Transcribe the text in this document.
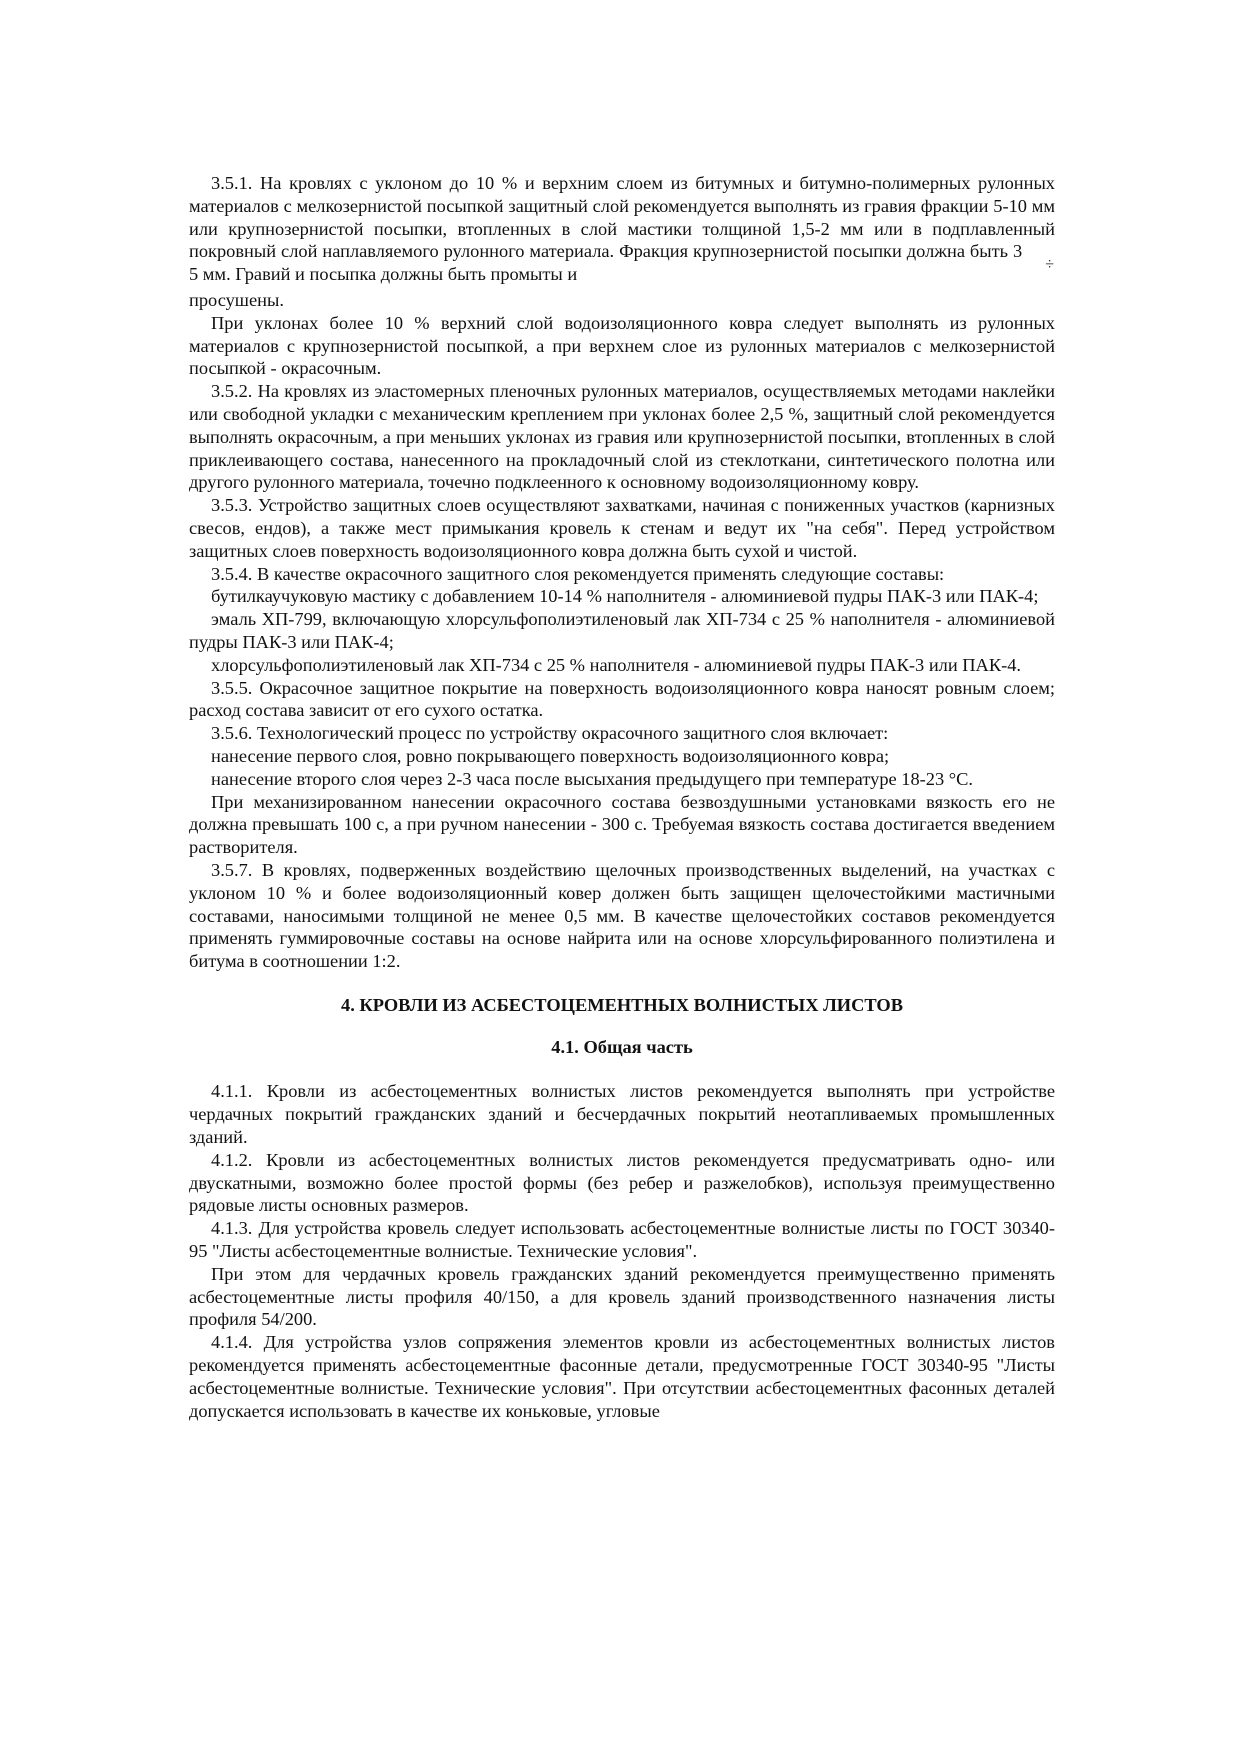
3.5.1. На кровлях с уклоном до 10 % и верхним слоем из битумных и битумно-полимерных рулонных материалов с мелкозернистой посыпкой защитный слой рекомендуется выполнять из гравия фракции 5-10 мм или крупнозернистой посыпки, втопленных в слой мастики толщиной 1,5-2 мм или в подплавленный покровный слой наплавляемого рулонного материала. Фракция крупнозернистой посыпки должна быть 3÷5 мм. Гравий и посыпка должны быть промыты и

просушены.

При уклонах более 10 % верхний слой водоизоляционного ковра следует выполнять из рулонных материалов с крупнозернистой посыпкой, а при верхнем слое из рулонных материалов с мелкозернистой посыпкой - окрасочным.

3.5.2. На кровлях из эластомерных пленочных рулонных материалов, осуществляемых методами наклейки или свободной укладки с механическим креплением при уклонах более 2,5 %, защитный слой рекомендуется выполнять окрасочным, а при меньших уклонах из гравия или крупнозернистой посыпки, втопленных в слой приклеивающего состава, нанесенного на прокладочный слой из стеклоткани, синтетического полотна или другого рулонного материала, точечно подклеенного к основному водоизоляционному ковру.

3.5.3. Устройство защитных слоев осуществляют захватками, начиная с пониженных участков (карнизных свесов, ендов), а также мест примыкания кровель к стенам и ведут их "на себя". Перед устройством защитных слоев поверхность водоизоляционного ковра должна быть сухой и чистой.

3.5.4. В качестве окрасочного защитного слоя рекомендуется применять следующие составы:

бутилкаучуковую мастику с добавлением 10-14 % наполнителя - алюминиевой пудры ПАК-3 или ПАК-4;

эмаль ХП-799, включающую хлорсульфополиэтиленовый лак ХП-734 с 25 % наполнителя - алюминиевой пудры ПАК-3 или ПАК-4;

хлорсульфополиэтиленовый лак ХП-734 с 25 % наполнителя - алюминиевой пудры ПАК-3 или ПАК-4.

3.5.5. Окрасочное защитное покрытие на поверхность водоизоляционного ковра наносят ровным слоем; расход состава зависит от его сухого остатка.

3.5.6. Технологический процесс по устройству окрасочного защитного слоя включает:

нанесение первого слоя, ровно покрывающего поверхность водоизоляционного ковра;

нанесение второго слоя через 2-3 часа после высыхания предыдущего при температуре 18-23 °С.

При механизированном нанесении окрасочного состава безвоздушными установками вязкость его не должна превышать 100 с, а при ручном нанесении - 300 с. Требуемая вязкость состава достигается введением растворителя.

3.5.7. В кровлях, подверженных воздействию щелочных производственных выделений, на участках с уклоном 10 % и более водоизоляционный ковер должен быть защищен щелочестойкими мастичными составами, наносимыми толщиной не менее 0,5 мм. В качестве щелочестойких составов рекомендуется применять гуммировочные составы на основе найрита или на основе хлорсульфированного полиэтилена и битума в соотношении 1:2.

4. КРОВЛИ ИЗ АСБЕСТОЦЕМЕНТНЫХ ВОЛНИСТЫХ ЛИСТОВ
4.1. Общая часть

4.1.1. Кровли из асбестоцементных волнистых листов рекомендуется выполнять при устройстве чердачных покрытий гражданских зданий и бесчердачных покрытий неотапливаемых промышленных зданий.

4.1.2. Кровли из асбестоцементных волнистых листов рекомендуется предусматривать одно- или двускатными, возможно более простой формы (без ребер и разжелобков), используя преимущественно рядовые листы основных размеров.

4.1.3. Для устройства кровель следует использовать асбестоцементные волнистые листы по ГОСТ 30340-95 "Листы асбестоцементные волнистые. Технические условия".

При этом для чердачных кровель гражданских зданий рекомендуется преимущественно применять асбестоцементные листы профиля 40/150, а для кровель зданий производственного назначения листы профиля 54/200.

4.1.4. Для устройства узлов сопряжения элементов кровли из асбестоцементных волнистых листов рекомендуется применять асбестоцементные фасонные детали, предусмотренные ГОСТ 30340-95 "Листы асбестоцементные волнистые. Технические условия". При отсутствии асбестоцементных фасонных деталей допускается использовать в качестве их коньковые, угловые
